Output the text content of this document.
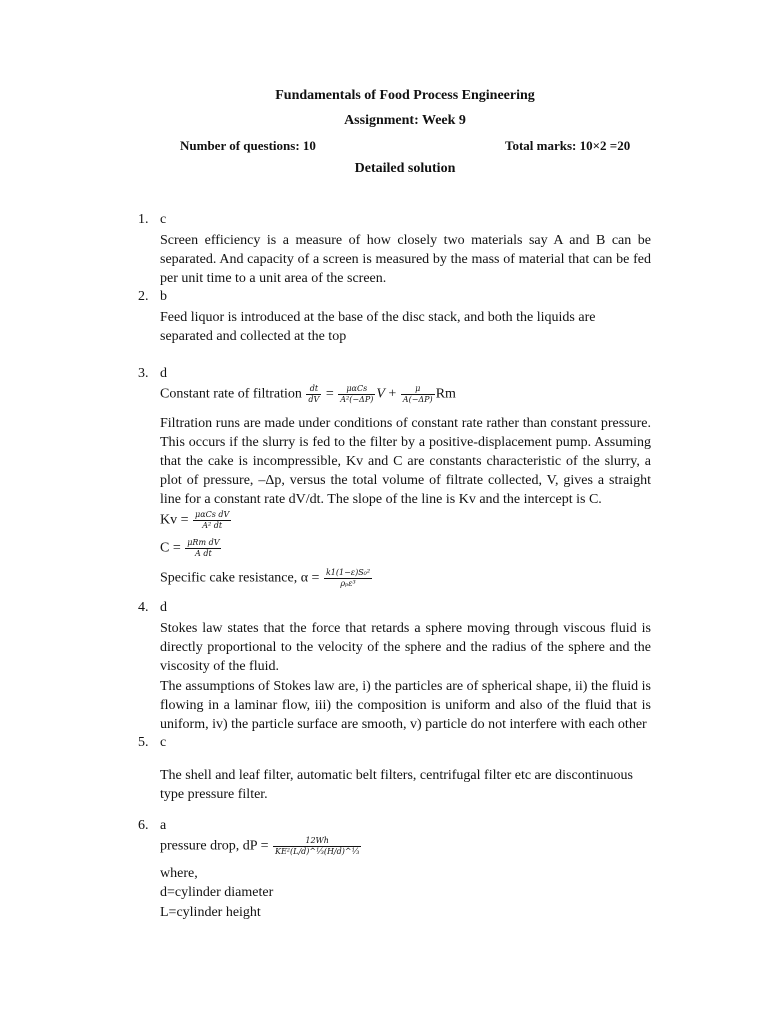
Fundamentals of Food Process Engineering
Assignment: Week 9
Number of questions: 10	Total marks: 10×2 =20
Detailed solution
1. c
Screen efficiency is a measure of how closely two materials say A and B can be separated. And capacity of a screen is measured by the mass of material that can be fed per unit time to a unit area of the screen.
2. b
Feed liquor is introduced at the base of the disc stack, and both the liquids are separated and collected at the top
3. d
Constant rate of filtration $\frac{dt}{dV} = \frac{\text{μαCs}}{\text{A²(−ΔP)}}$ $V + \frac{\mu}{A(-\Delta P)}$ Rm
Filtration runs are made under conditions of constant rate rather than constant pressure. This occurs if the slurry is fed to the filter by a positive-displacement pump. Assuming that the cake is incompressible, Kv and C are constants characteristic of the slurry, a plot of pressure, –Δp, versus the total volume of filtrate collected, V, gives a straight line for a constant rate dV/dt. The slope of the line is Kv and the intercept is C.
$Kv = \frac{\text{μαCs dV}}{\text{A² dt}}$
$C = \frac{\text{μRm dV}}{\text{A dt}}$
Specific cake resistance, $\alpha = \frac{\text{k1(1−ε)S₀²}}{\text{ρₚε³}}$
4. d
Stokes law states that the force that retards a sphere moving through viscous fluid is directly proportional to the velocity of the sphere and the radius of the sphere and the viscosity of the fluid.
The assumptions of Stokes law are, i) the particles are of spherical shape, ii) the fluid is flowing in a laminar flow, iii) the composition is uniform and also of the fluid that is uniform, iv) the particle surface are smooth, v) particle do not interfere with each other
5. c
The shell and leaf filter, automatic belt filters, centrifugal filter etc are discontinuous type pressure filter.
6. a
pressure drop, dP = $\frac{12Wh}{\text{KE²(L/d)\textasciicircum{}⅓(H/d)\textasciicircum{}⅓}}$
where,
d=cylinder diameter
L=cylinder height
